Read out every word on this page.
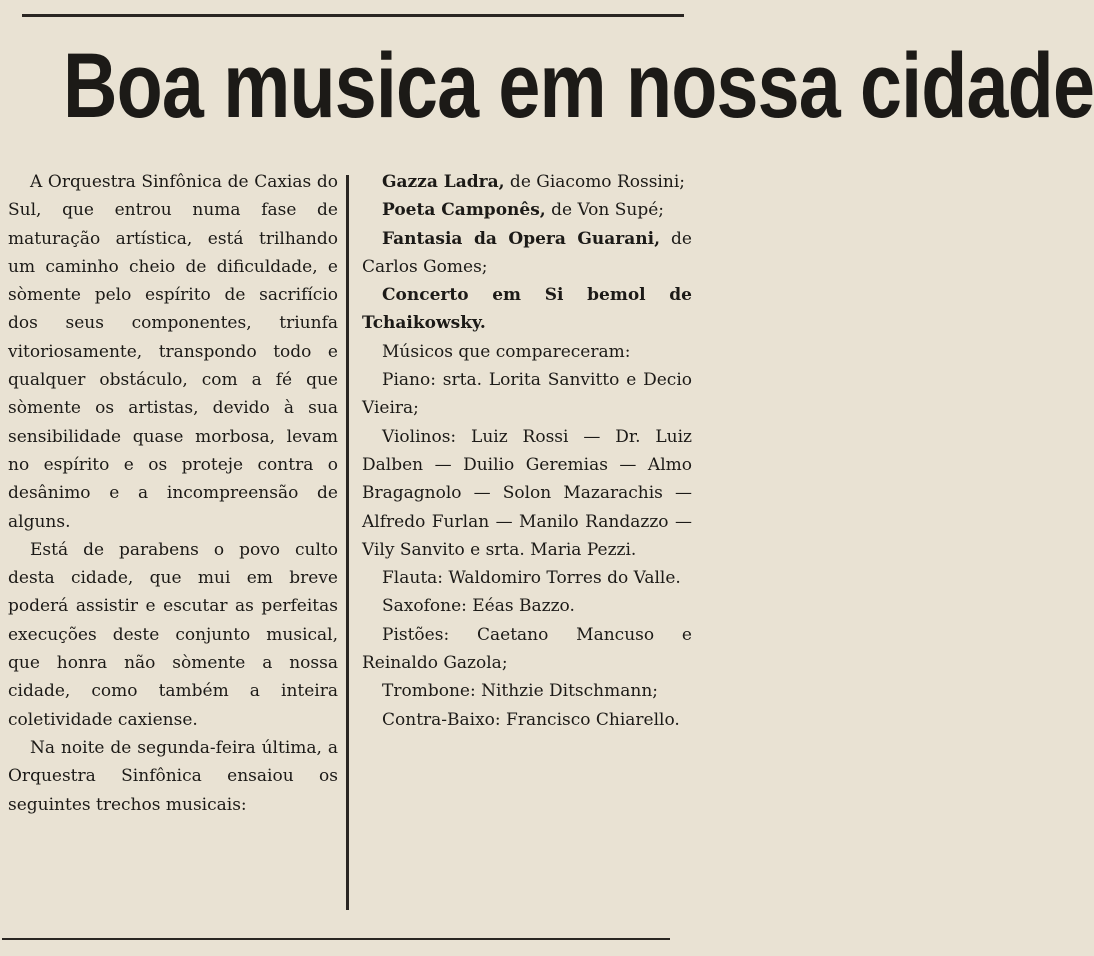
Boa musica em nossa cidade

A Orquestra Sinfônica de Caxias do Sul, que entrou numa fase de maturação artística, está trilhando um caminho cheio de dificuldade, e sòmente pelo espírito de sacrifício dos seus componentes, triunfa vitoriosamente, transpondo todo e qualquer obstáculo, com a fé que sòmente os artistas, devido à sua sensibilidade quase morbosa, levam no espírito e os proteje contra o desânimo e a incompreensão de alguns.

Está de parabens o povo culto desta cidade, que mui em breve poderá assistir e escutar as perfeitas execuções deste conjunto musical, que honra não sòmente a nossa cidade, como também a inteira coletividade caxiense.

Na noite de segunda-feira última, a Orquestra Sinfônica ensaiou os seguintes trechos musicais:

Gazza Ladra, de Giacomo Rossini;

Poeta Camponês, de Von Supé;

Fantasia da Opera Guarani, de Carlos Gomes;

Concerto em Si bemol de Tchaikowsky.

Músicos que compareceram:

Piano: srta. Lorita Sanvitto e Decio Vieira;

Violinos: Luiz Rossi — Dr. Luiz Dalben — Duilio Geremias — Almo Bragagnolo — Solon Mazarachis — Alfredo Furlan — Manilo Randazzo — Vily Sanvito e srta. Maria Pezzi.

Flauta: Waldomiro Torres do Valle.

Saxofone: Eéas Bazzo.

Pistões: Caetano Mancuso e Reinaldo Gazola;

Trombone: Nithzie Ditschmann;

Contra-Baixo: Francisco Chiarello.
